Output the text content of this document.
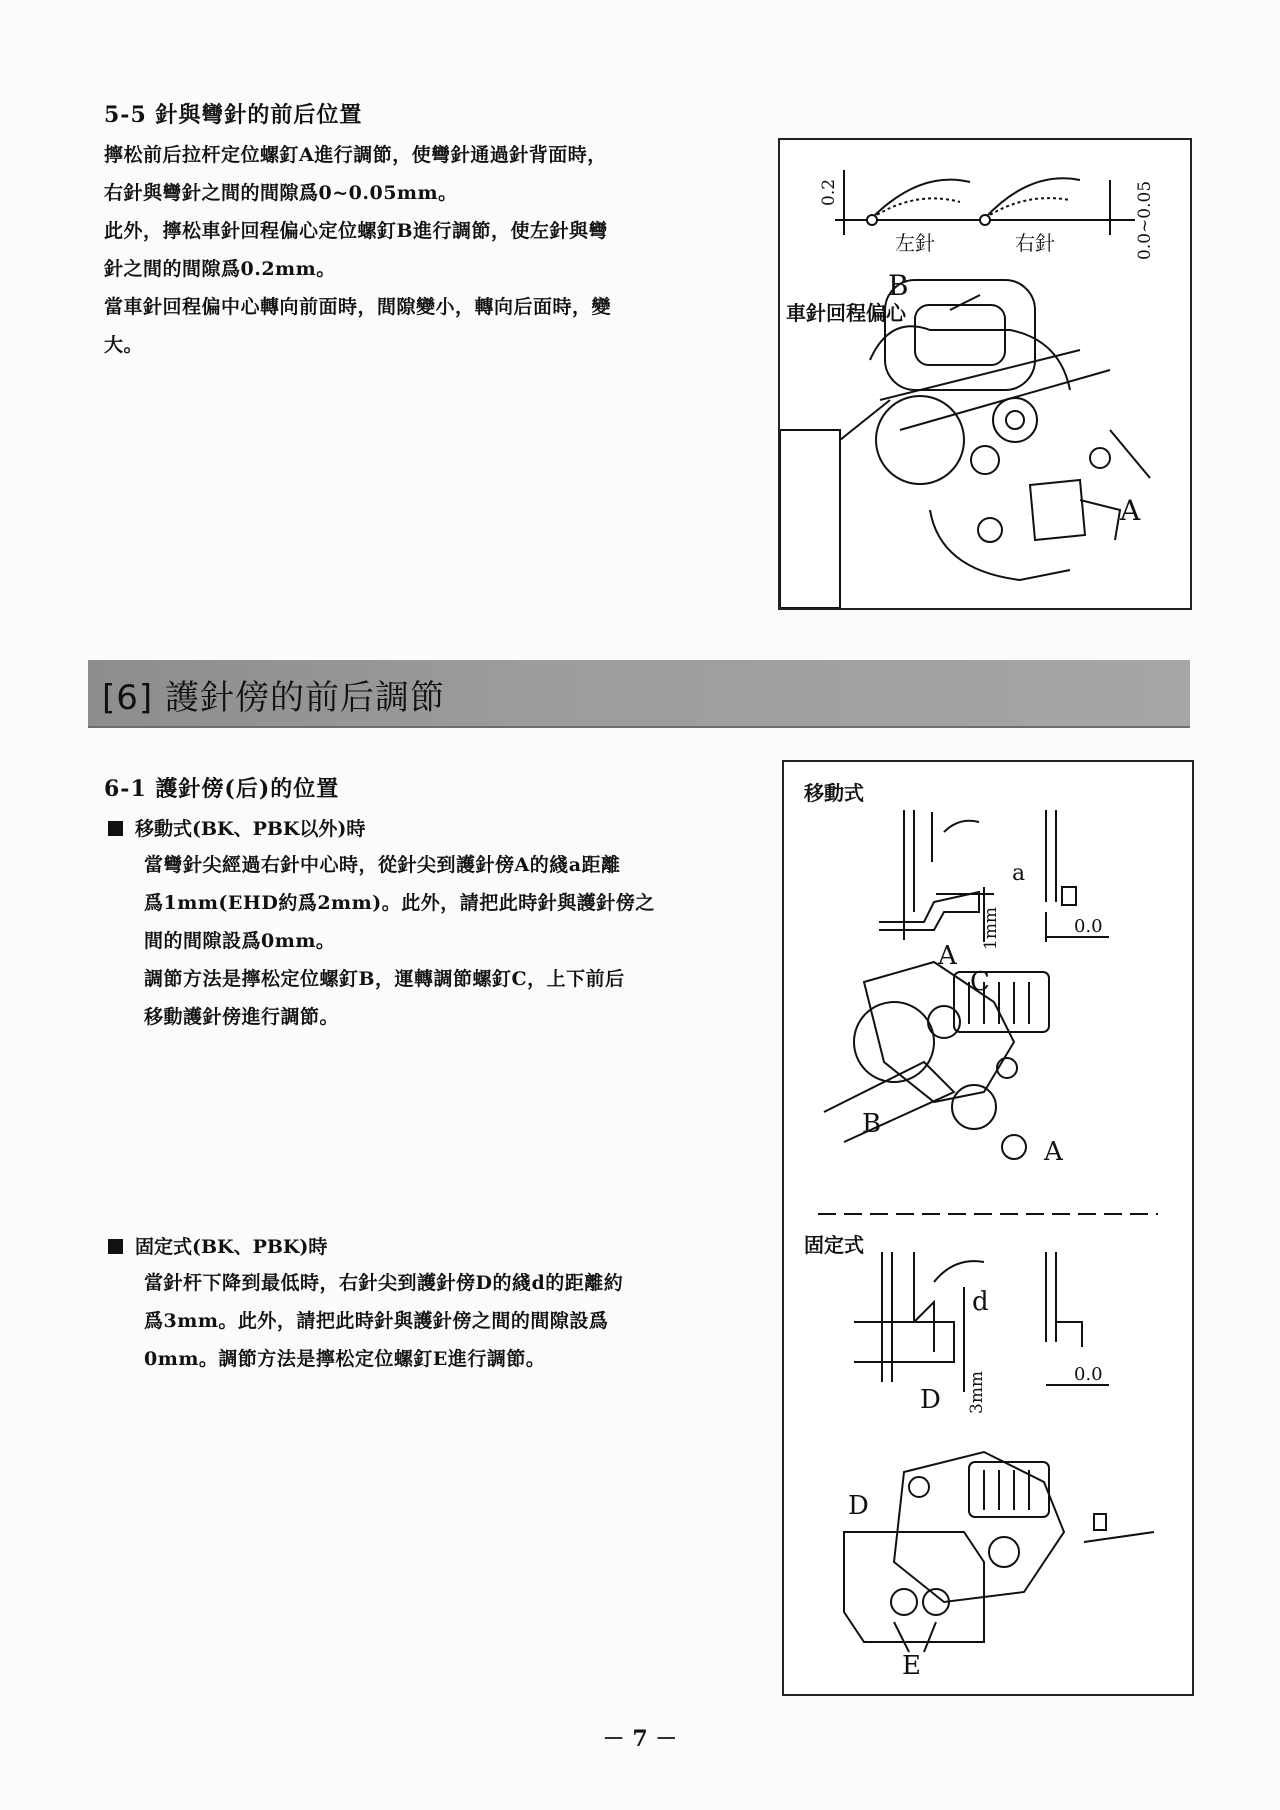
5-5 針與彎針的前后位置

擰松前后拉杆定位螺釘A進行調節，使彎針通過針背面時，

右針與彎針之間的間隙爲0~0.05mm。

此外，擰松車針回程偏心定位螺釘B進行調節，使左針與彎

針之間的間隙爲0.2mm。

當車針回程偏中心轉向前面時，間隙變小，轉向后面時，變

大。

0.2	0.0~0.05
左針	右針
B
車針回程偏心
A
[6] 護針傍的前后調節
6-1 護針傍(后)的位置
移動式(BK、PBK以外)時

當彎針尖經過右針中心時，從針尖到護針傍A的綫a距離

爲1mm(EHD約爲2mm)。此外，請把此時針與護針傍之

間的間隙設爲0mm。

調節方法是擰松定位螺釘B，運轉調節螺釘C，上下前后

移動護針傍進行調節。

固定式(BK、PBK)時

當針杆下降到最低時，右針尖到護針傍D的綫d的距離約

爲3mm。此外，請把此時針與護針傍之間的間隙設爲

0mm。調節方法是擰松定位螺釘E進行調節。

移動式
a
1mm
A
0.0
C
B
A
固定式
d
3mm
D
0.0
D
E
－ 7 －
